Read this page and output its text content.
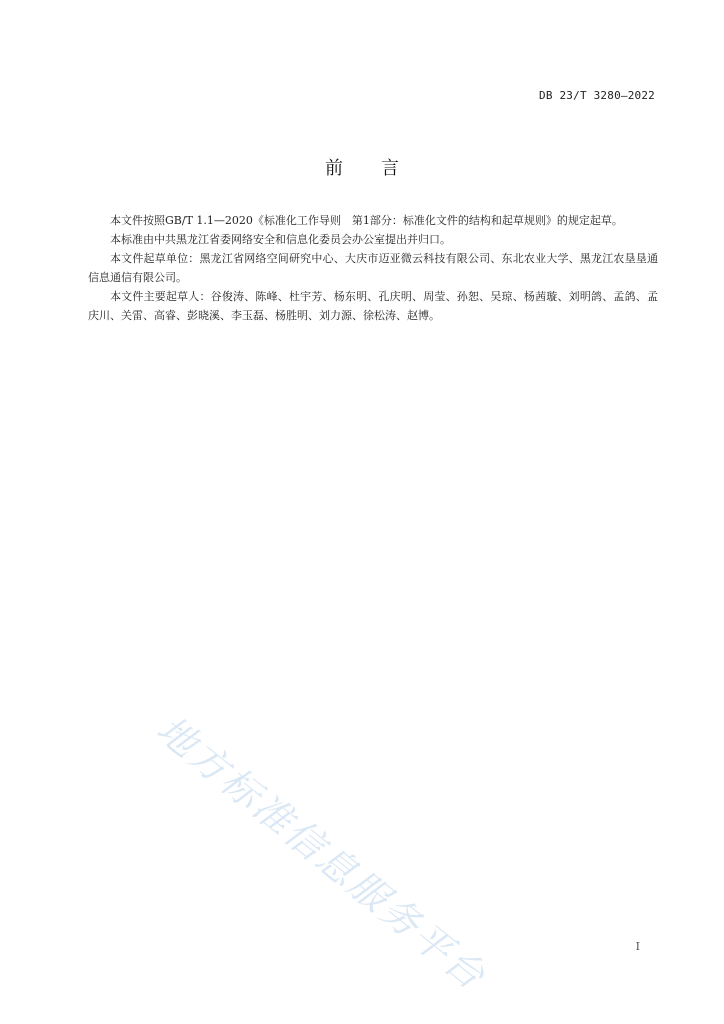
DB 23/T 3280—2022
前言

本文件按照GB/T 1.1—2020《标准化工作导则　第1部分：标准化文件的结构和起草规则》的规定起草。

本标准由中共黑龙江省委网络安全和信息化委员会办公室提出并归口。

本文件起草单位：黑龙江省网络空间研究中心、大庆市迈亚微云科技有限公司、东北农业大学、黑龙江农垦垦通信息通信有限公司。

本文件主要起草人：谷俊涛、陈峰、杜宇芳、杨东明、孔庆明、周莹、孙恕、吴琼、杨茜璇、刘明鸽、孟鸽、孟庆川、关雷、高睿、彭晓溪、李玉磊、杨胜明、刘力源、徐松涛、赵博。

地方标准信息服务平台	I
